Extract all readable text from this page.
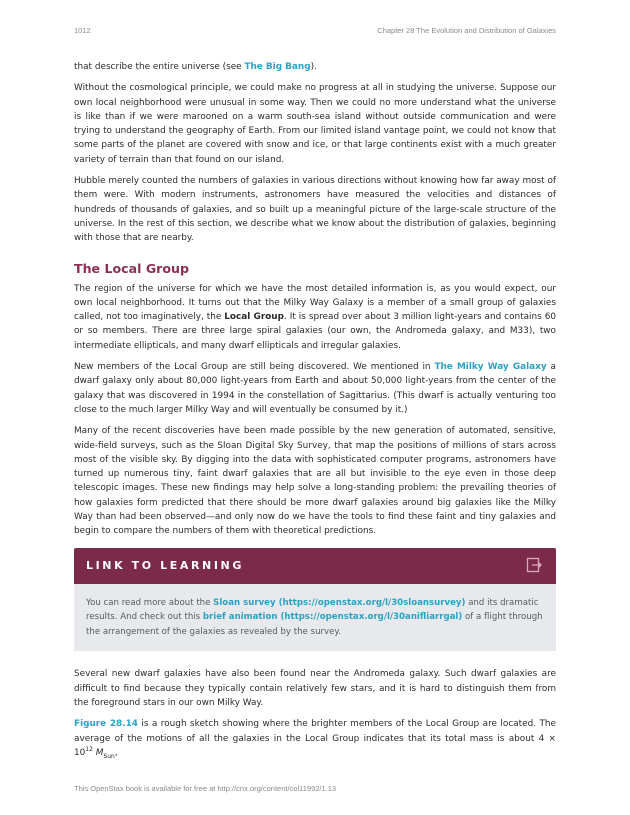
1012	Chapter 28 The Evolution and Distribution of Galaxies

that describe the entire universe (see The Big Bang).

Without the cosmological principle, we could make no progress at all in studying the universe. Suppose our own local neighborhood were unusual in some way. Then we could no more understand what the universe is like than if we were marooned on a warm south-sea island without outside communication and were trying to understand the geography of Earth. From our limited island vantage point, we could not know that some parts of the planet are covered with snow and ice, or that large continents exist with a much greater variety of terrain than that found on our island.

Hubble merely counted the numbers of galaxies in various directions without knowing how far away most of them were. With modern instruments, astronomers have measured the velocities and distances of hundreds of thousands of galaxies, and so built up a meaningful picture of the large-scale structure of the universe. In the rest of this section, we describe what we know about the distribution of galaxies, beginning with those that are nearby.

The Local Group

The region of the universe for which we have the most detailed information is, as you would expect, our own local neighborhood. It turns out that the Milky Way Galaxy is a member of a small group of galaxies called, not too imaginatively, the Local Group. It is spread over about 3 million light-years and contains 60 or so members. There are three large spiral galaxies (our own, the Andromeda galaxy, and M33), two intermediate ellipticals, and many dwarf ellipticals and irregular galaxies.

New members of the Local Group are still being discovered. We mentioned in The Milky Way Galaxy a dwarf galaxy only about 80,000 light-years from Earth and about 50,000 light-years from the center of the galaxy that was discovered in 1994 in the constellation of Sagittarius. (This dwarf is actually venturing too close to the much larger Milky Way and will eventually be consumed by it.)

Many of the recent discoveries have been made possible by the new generation of automated, sensitive, wide-field surveys, such as the Sloan Digital Sky Survey, that map the positions of millions of stars across most of the visible sky. By digging into the data with sophisticated computer programs, astronomers have turned up numerous tiny, faint dwarf galaxies that are all but invisible to the eye even in those deep telescopic images. These new findings may help solve a long-standing problem: the prevailing theories of how galaxies form predicted that there should be more dwarf galaxies around big galaxies like the Milky Way than had been observed—and only now do we have the tools to find these faint and tiny galaxies and begin to compare the numbers of them with theoretical predictions.

LINK TO LEARNING

You can read more about the Sloan survey (https://openstax.org/l/30sloansurvey) and its dramatic results. And check out this brief animation (https://openstax.org/l/30anifliarrgal) of a flight through the arrangement of the galaxies as revealed by the survey.

Several new dwarf galaxies have also been found near the Andromeda galaxy. Such dwarf galaxies are difficult to find because they typically contain relatively few stars, and it is hard to distinguish them from the foreground stars in our own Milky Way.

Figure 28.14 is a rough sketch showing where the brighter members of the Local Group are located. The average of the motions of all the galaxies in the Local Group indicates that its total mass is about $4 \times 10^{12}$ $M_{Sun}$,

This OpenStax book is available for free at http://cnx.org/content/col11992/1.13
